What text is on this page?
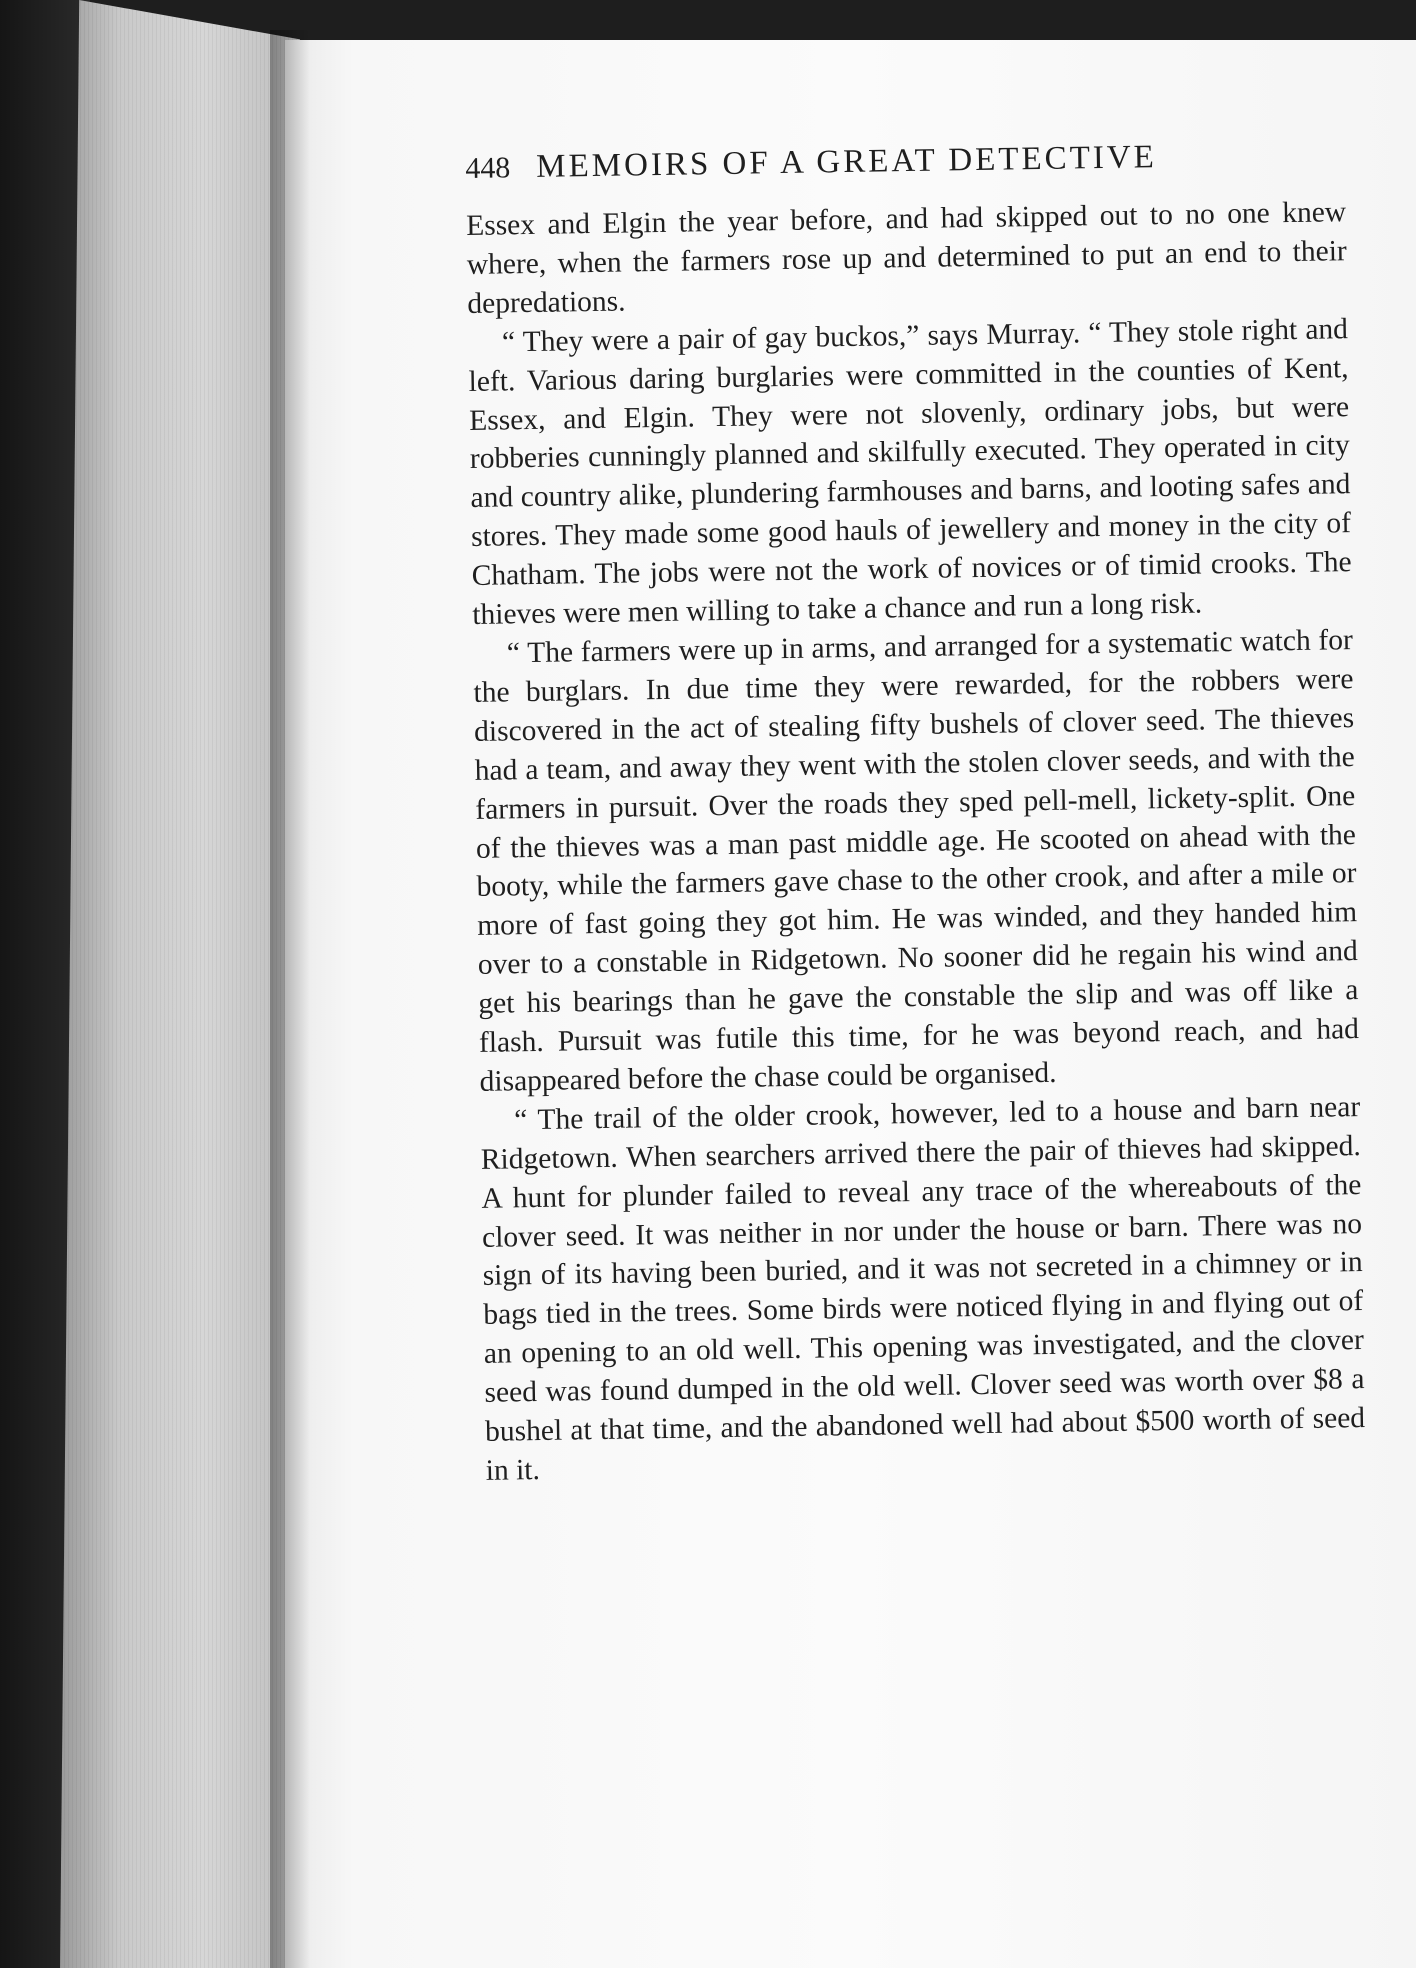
448 MEMOIRS OF A GREAT DETECTIVE

Essex and Elgin the year before, and had skipped out to no one knew where, when the farmers rose up and determined to put an end to their depredations.

“ They were a pair of gay buckos,” says Murray. “ They stole right and left. Various daring burglaries were committed in the counties of Kent, Essex, and Elgin. They were not slovenly, ordinary jobs, but were robberies cunningly planned and skilfully executed. They operated in city and country alike, plundering farmhouses and barns, and looting safes and stores. They made some good hauls of jewellery and money in the city of Chatham. The jobs were not the work of novices or of timid crooks. The thieves were men willing to take a chance and run a long risk.

“ The farmers were up in arms, and arranged for a systematic watch for the burglars. In due time they were rewarded, for the robbers were discovered in the act of stealing fifty bushels of clover seed. The thieves had a team, and away they went with the stolen clover seeds, and with the farmers in pursuit. Over the roads they sped pell-mell, lickety-split. One of the thieves was a man past middle age. He scooted on ahead with the booty, while the farmers gave chase to the other crook, and after a mile or more of fast going they got him. He was winded, and they handed him over to a constable in Ridgetown. No sooner did he regain his wind and get his bearings than he gave the constable the slip and was off like a flash. Pursuit was futile this time, for he was beyond reach, and had disappeared before the chase could be organised.

“ The trail of the older crook, however, led to a house and barn near Ridgetown. When searchers arrived there the pair of thieves had skipped. A hunt for plunder failed to reveal any trace of the whereabouts of the clover seed. It was neither in nor under the house or barn. There was no sign of its having been buried, and it was not secreted in a chimney or in bags tied in the trees. Some birds were noticed flying in and flying out of an opening to an old well. This opening was investigated, and the clover seed was found dumped in the old well. Clover seed was worth over $8 a bushel at that time, and the abandoned well had about $500 worth of seed in it.
